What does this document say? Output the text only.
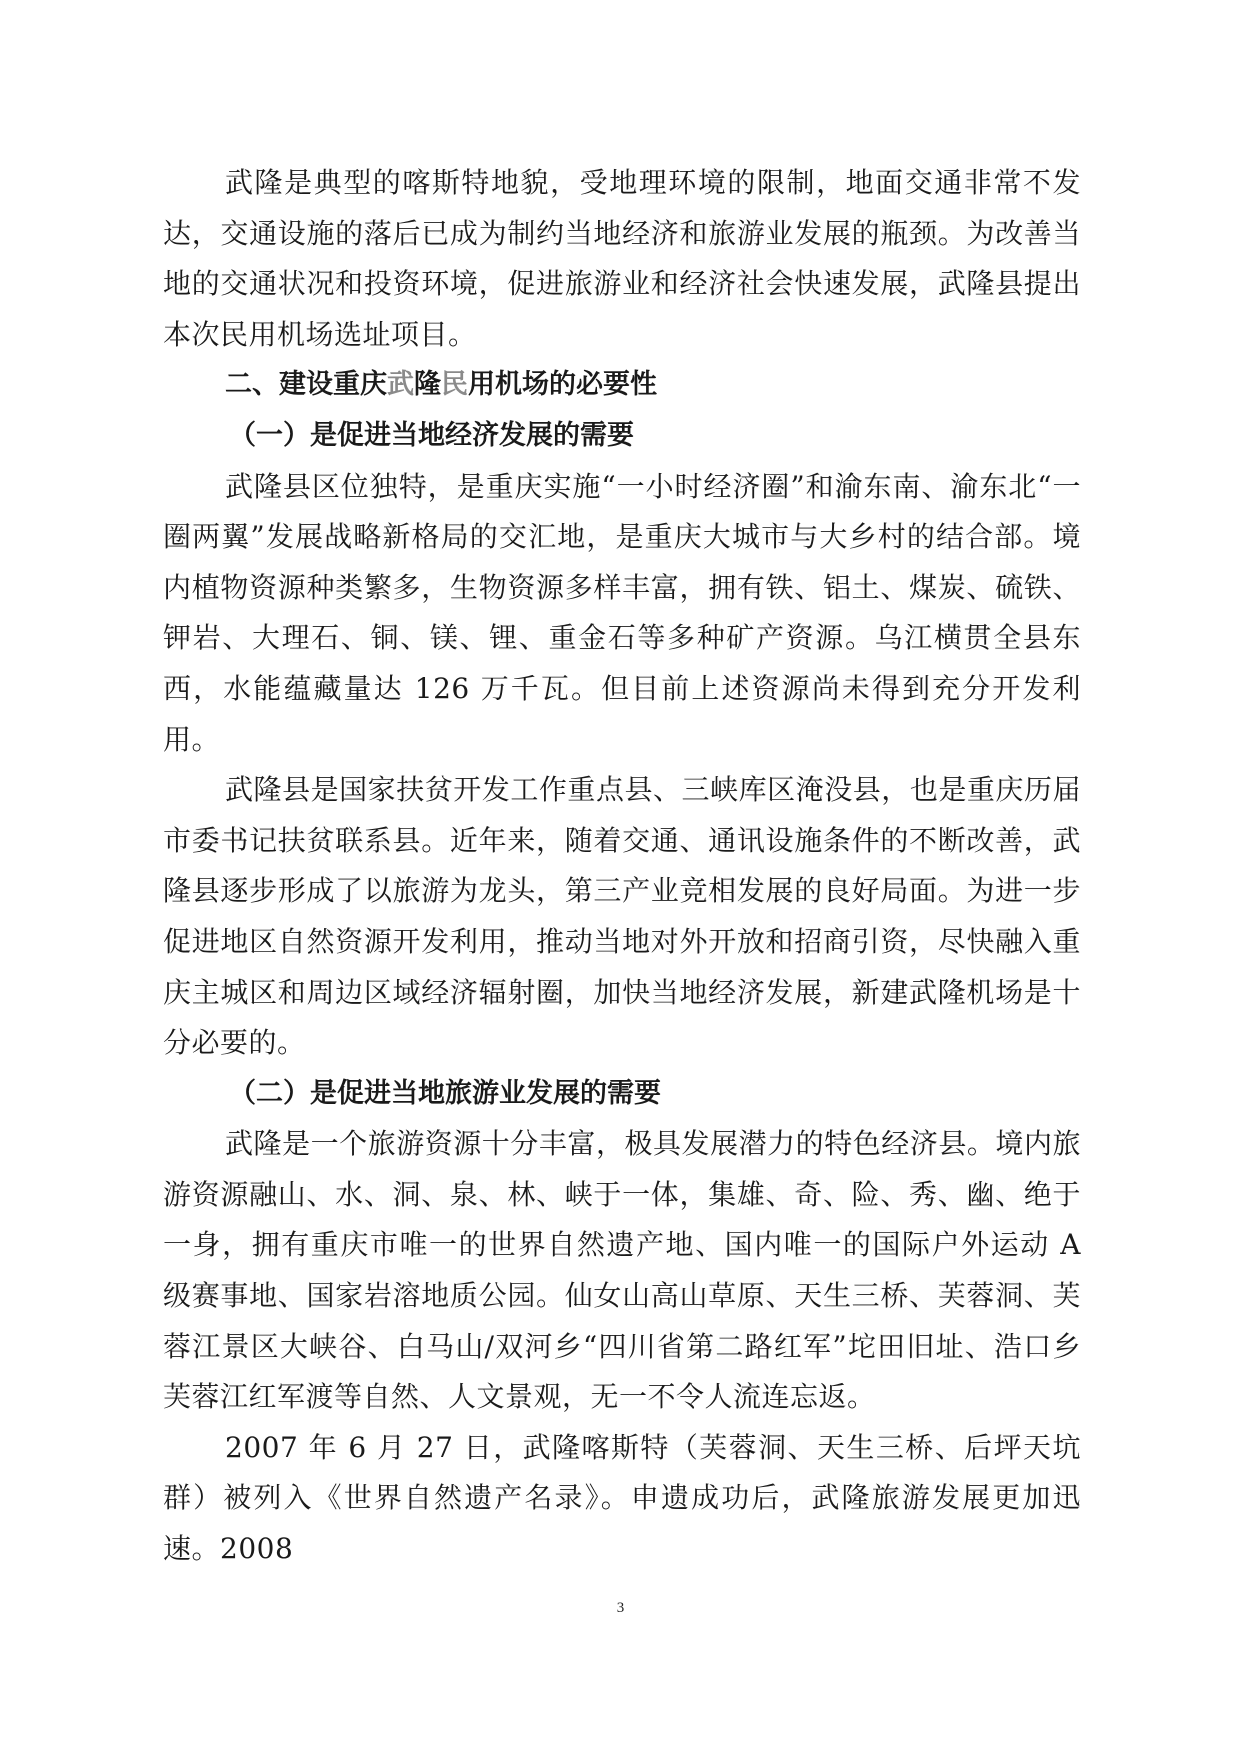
武隆是典型的喀斯特地貌，受地理环境的限制，地面交通非常不发达，交通设施的落后已成为制约当地经济和旅游业发展的瓶颈。为改善当地的交通状况和投资环境，促进旅游业和经济社会快速发展，武隆县提出本次民用机场选址项目。

二、建设重庆武隆民用机场的必要性
（一）是促进当地经济发展的需要

武隆县区位独特，是重庆实施“一小时经济圈”和渝东南、渝东北“一圈两翼”发展战略新格局的交汇地，是重庆大城市与大乡村的结合部。境内植物资源种类繁多，生物资源多样丰富，拥有铁、铝土、煤炭、硫铁、钾岩、大理石、铜、镁、锂、重金石等多种矿产资源。乌江横贯全县东西，水能蕴藏量达 126 万千瓦。但目前上述资源尚未得到充分开发利用。

武隆县是国家扶贫开发工作重点县、三峡库区淹没县，也是重庆历届市委书记扶贫联系县。近年来，随着交通、通讯设施条件的不断改善，武隆县逐步形成了以旅游为龙头，第三产业竞相发展的良好局面。为进一步促进地区自然资源开发利用，推动当地对外开放和招商引资，尽快融入重庆主城区和周边区域经济辐射圈，加快当地经济发展，新建武隆机场是十分必要的。

（二）是促进当地旅游业发展的需要

武隆是一个旅游资源十分丰富，极具发展潜力的特色经济县。境内旅游资源融山、水、洞、泉、林、峡于一体，集雄、奇、险、秀、幽、绝于一身，拥有重庆市唯一的世界自然遗产地、国内唯一的国际户外运动 A 级赛事地、国家岩溶地质公园。仙女山高山草原、天生三桥、芙蓉洞、芙蓉江景区大峡谷、白马山/双河乡“四川省第二路红军”坨田旧址、浩口乡芙蓉江红军渡等自然、人文景观，无一不令人流连忘返。

2007 年 6 月 27 日，武隆喀斯特（芙蓉洞、天生三桥、后坪天坑群）被列入《世界自然遗产名录》。申遗成功后，武隆旅游发展更加迅速。2008

3
